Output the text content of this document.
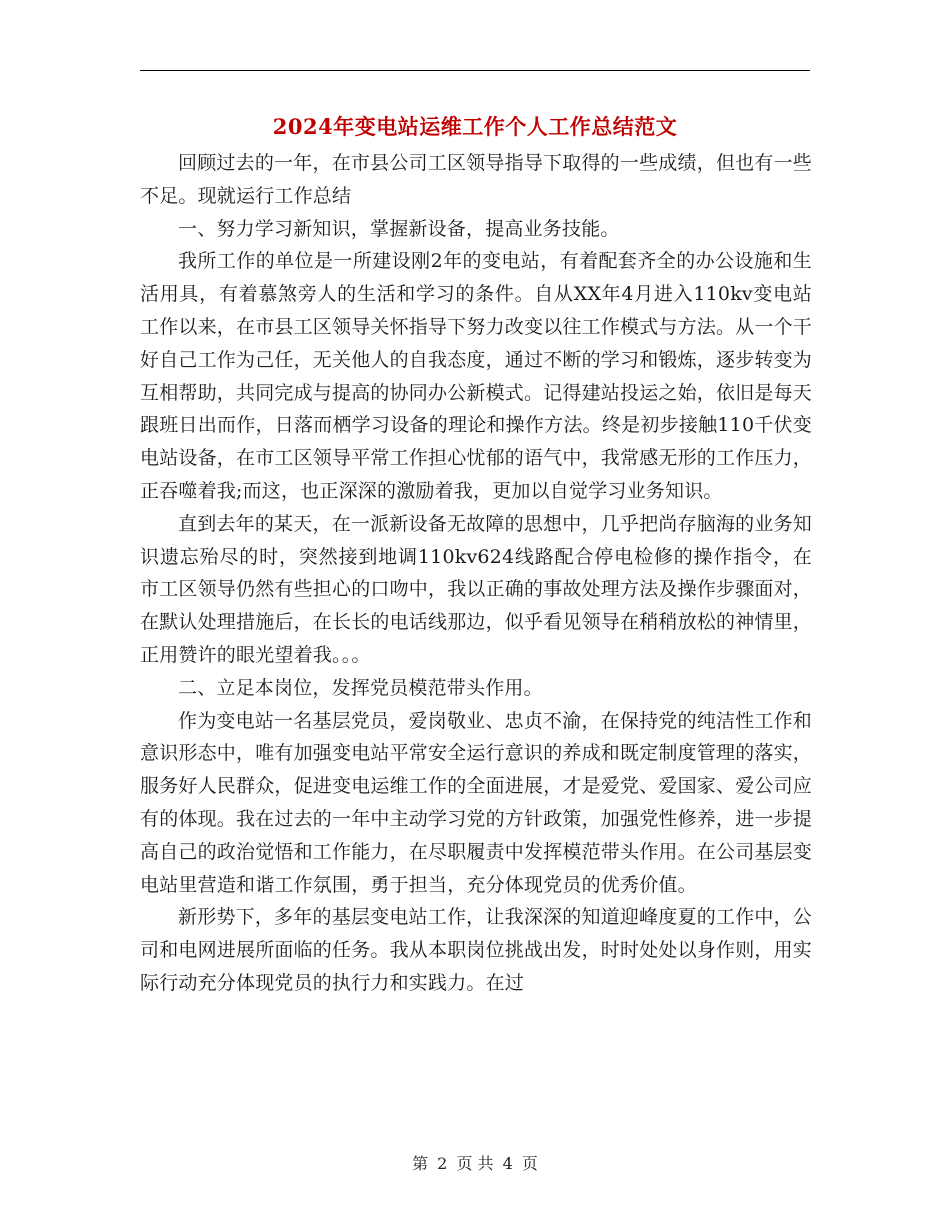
2024年变电站运维工作个人工作总结范文

回顾过去的一年，在市县公司工区领导指导下取得的一些成绩，但也有一些不足。现就运行工作总结

一、努力学习新知识，掌握新设备，提高业务技能。

我所工作的单位是一所建设刚2年的变电站，有着配套齐全的办公设施和生活用具，有着慕煞旁人的生活和学习的条件。自从XX年4月进入110kv变电站工作以来，在市县工区领导关怀指导下努力改变以往工作模式与方法。从一个干好自己工作为己任，无关他人的自我态度，通过不断的学习和锻炼，逐步转变为互相帮助，共同完成与提高的协同办公新模式。记得建站投运之始，依旧是每天跟班日出而作，日落而栖学习设备的理论和操作方法。终是初步接触110千伏变电站设备，在市工区领导平常工作担心忧郁的语气中，我常感无形的工作压力，正吞噬着我;而这，也正深深的激励着我，更加以自觉学习业务知识。

直到去年的某天，在一派新设备无故障的思想中，几乎把尚存脑海的业务知识遗忘殆尽的时，突然接到地调110kv624线路配合停电检修的操作指令，在市工区领导仍然有些担心的口吻中，我以正确的事故处理方法及操作步骤面对，在默认处理措施后，在长长的电话线那边，似乎看见领导在稍稍放松的神情里，正用赞许的眼光望着我。。。

二、立足本岗位，发挥党员模范带头作用。

作为变电站一名基层党员，爱岗敬业、忠贞不渝，在保持党的纯洁性工作和意识形态中，唯有加强变电站平常安全运行意识的养成和既定制度管理的落实，服务好人民群众，促进变电运维工作的全面进展，才是爱党、爱国家、爱公司应有的体现。我在过去的一年中主动学习党的方针政策，加强党性修养，进一步提高自己的政治觉悟和工作能力，在尽职履责中发挥模范带头作用。在公司基层变电站里营造和谐工作氛围，勇于担当，充分体现党员的优秀价值。

新形势下，多年的基层变电站工作，让我深深的知道迎峰度夏的工作中，公司和电网进展所面临的任务。我从本职岗位挑战出发，时时处处以身作则，用实际行动充分体现党员的执行力和实践力。在过

第 2 页 共 4 页
